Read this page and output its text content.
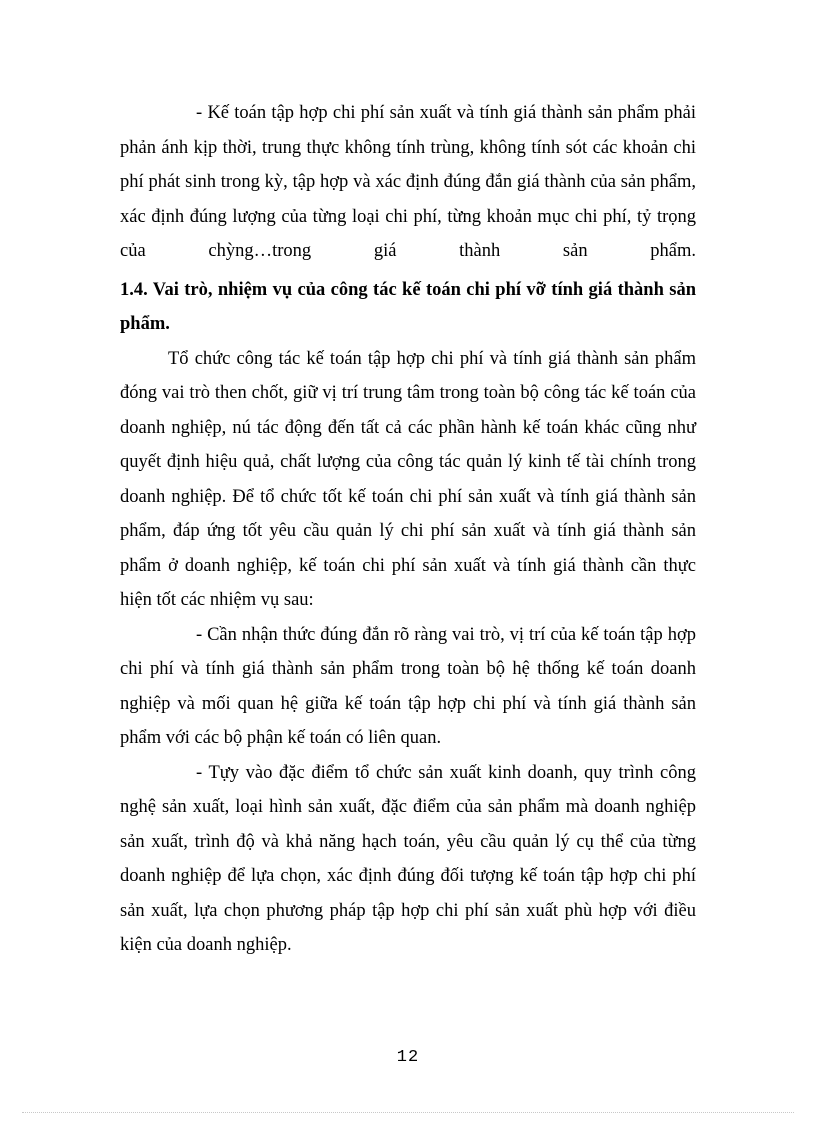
- Kế toán tập hợp chi phí sản xuất và tính giá thành sản phẩm phải phản ánh kịp thời, trung thực không tính trùng, không tính sót các khoản chi phí phát sinh trong kỳ, tập hợp và xác định đúng đắn giá thành của sản phẩm, xác định đúng lượng của từng loại chi phí, từng khoản mục chi phí, tỷ trọng của chỳng…trong giá thành sản phẩm.

1.4. Vai trò, nhiệm vụ của công tác kế toán chi phí vỡ tính giá thành sản phẩm.

Tổ chức công tác kế toán tập hợp chi phí và tính giá thành sản phẩm đóng vai trò then chốt, giữ vị trí trung tâm trong toàn bộ công tác kế toán của doanh nghiệp, nú tác động đến tất cả các phần hành kế toán khác cũng như quyết định hiệu quả, chất lượng của công tác quản lý kinh tế tài chính trong doanh nghiệp. Để tổ chức tốt kế toán chi phí sản xuất và tính giá thành sản phẩm, đáp ứng tốt yêu cầu quản lý chi phí sản xuất và tính giá thành sản phẩm ở doanh nghiệp, kế toán chi phí sản xuất và tính giá thành cần thực hiện tốt các nhiệm vụ sau:

- Cần nhận thức đúng đắn rõ ràng vai trò, vị trí của kế toán tập hợp chi phí và tính giá thành sản phẩm trong toàn bộ hệ thống kế toán doanh nghiệp và mối quan hệ giữa kế toán tập hợp chi phí và tính giá thành sản phẩm với các bộ phận kế toán có liên quan.

- Tựy vào đặc điểm tổ chức sản xuất kinh doanh, quy trình công nghệ sản xuất, loại hình sản xuất, đặc điểm của sản phẩm mà doanh nghiệp sản xuất, trình độ và khả năng hạch toán, yêu cầu quản lý cụ thể của từng doanh nghiệp để lựa chọn, xác định đúng đối tượng kế toán tập hợp chi phí sản xuất, lựa chọn phương pháp tập hợp chi phí sản xuất phù hợp với điều kiện của doanh nghiệp.

12
